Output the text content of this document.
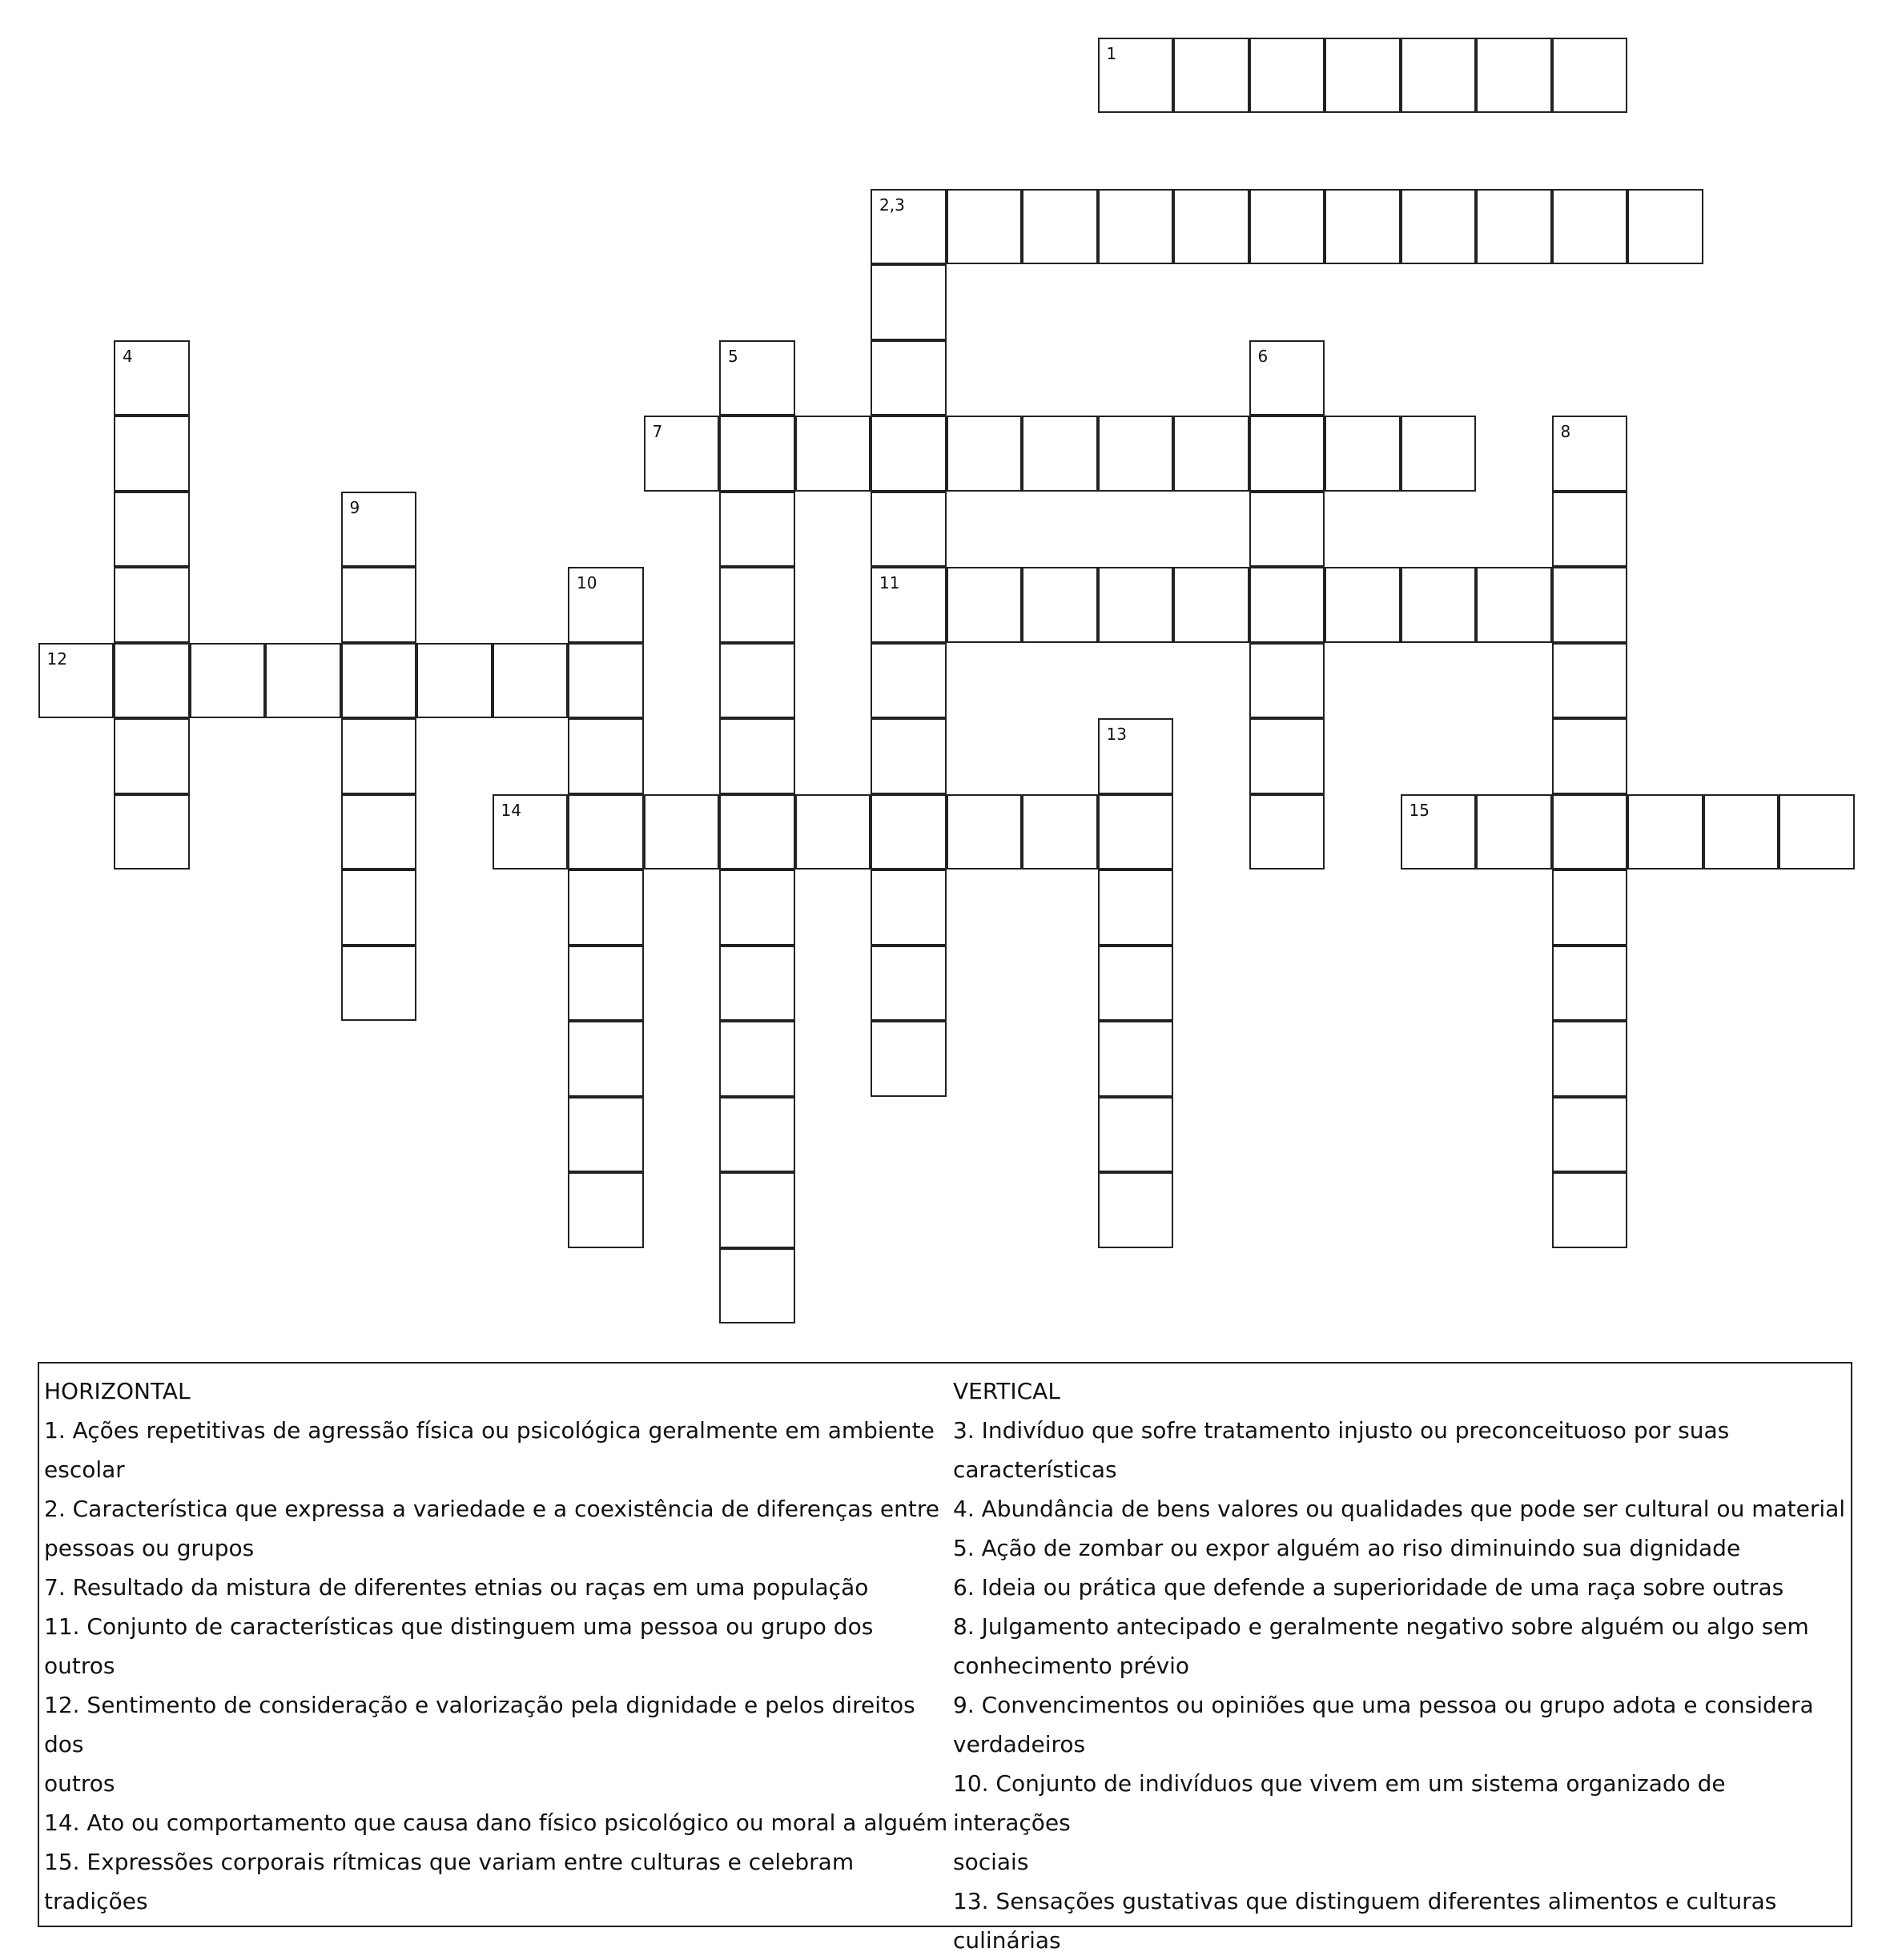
1
2,3
11
4	5	6
7	8
9
10
12
13
14	15
HORIZONTAL
1. Ações repetitivas de agressão física ou psicológica geralmente em ambiente
escolar
2. Característica que expressa a variedade e a coexistência de diferenças entre
pessoas ou grupos
7. Resultado da mistura de diferentes etnias ou raças em uma população
11. Conjunto de características que distinguem uma pessoa ou grupo dos outros
12. Sentimento de consideração e valorização pela dignidade e pelos direitos dos
outros
14. Ato ou comportamento que causa dano físico psicológico ou moral a alguém
15. Expressões corporais rítmicas que variam entre culturas e celebram tradições
VERTICAL
3. Indivíduo que sofre tratamento injusto ou preconceituoso por suas
características
4. Abundância de bens valores ou qualidades que pode ser cultural ou material
5. Ação de zombar ou expor alguém ao riso diminuindo sua dignidade
6. Ideia ou prática que defende a superioridade de uma raça sobre outras
8. Julgamento antecipado e geralmente negativo sobre alguém ou algo sem
conhecimento prévio
9. Convencimentos ou opiniões que uma pessoa ou grupo adota e considera
verdadeiros
10. Conjunto de indivíduos que vivem em um sistema organizado de interações
sociais
13. Sensações gustativas que distinguem diferentes alimentos e culturas culinárias
